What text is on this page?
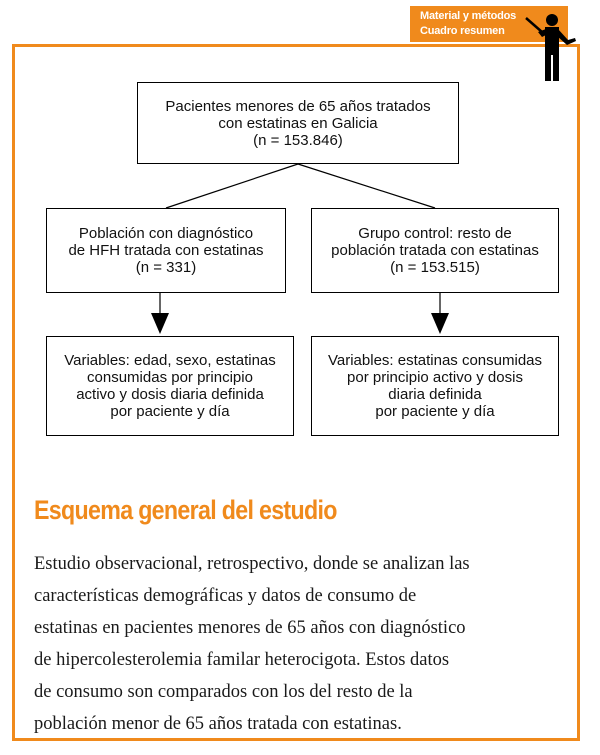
Material y métodos
Cuadro resumen
Pacientes menores de 65 años tratados
con estatinas en Galicia
(n = 153.846)
Población con diagnóstico
de HFH tratada con estatinas
(n = 331)
Grupo control: resto de
población tratada con estatinas
(n = 153.515)
Variables: edad, sexo, estatinas
consumidas por principio
activo y dosis diaria definida
por paciente y día
Variables: estatinas consumidas
por principio activo y dosis
diaria definida
por paciente y día
Esquema general del estudio
Estudio observacional, retrospectivo, donde se analizan las
características demográficas y datos de consumo de
estatinas en pacientes menores de 65 años con diagnóstico
de hipercolesterolemia familar heterocigota. Estos datos
de consumo son comparados con los del resto de la
población menor de 65 años tratada con estatinas.
